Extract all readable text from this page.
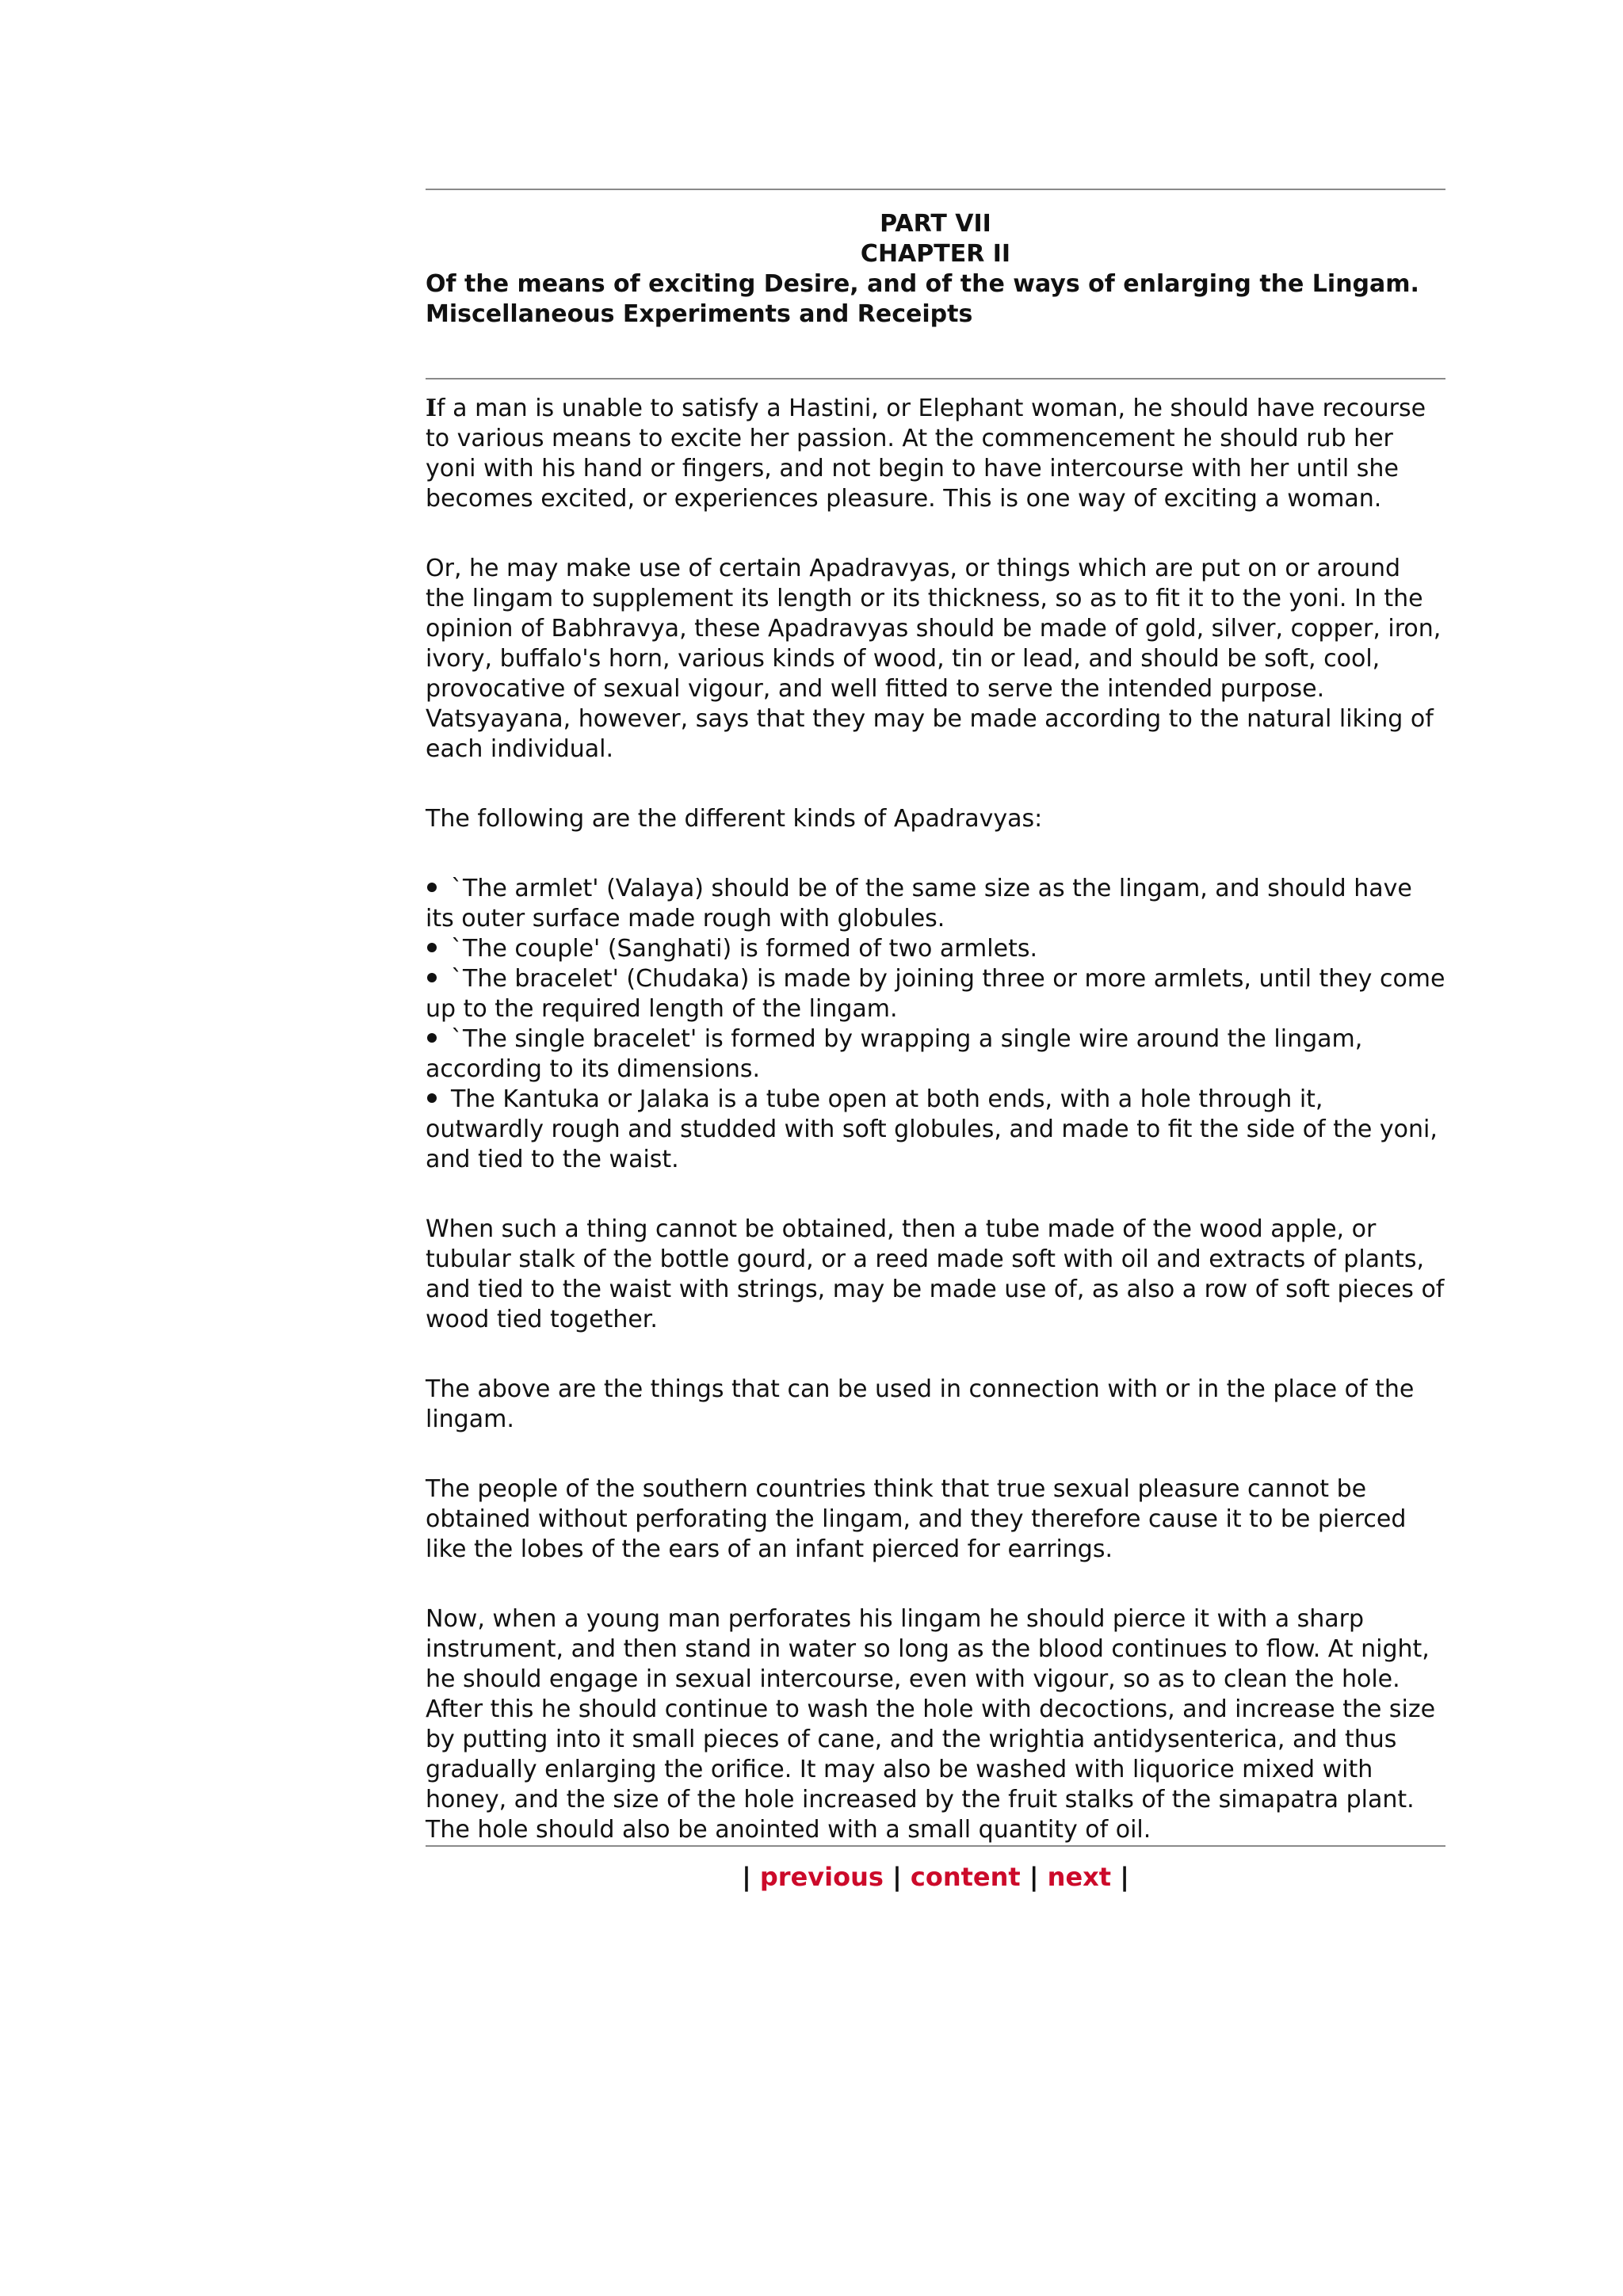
PART VII
CHAPTER II
Of the means of exciting Desire, and of the ways of enlarging the Lingam. Miscellaneous Experiments and Receipts

If a man is unable to satisfy a Hastini, or Elephant woman, he should have recourse to various means to excite her passion. At the commencement he should rub her yoni with his hand or fingers, and not begin to have intercourse with her until she becomes excited, or experiences pleasure. This is one way of exciting a woman.

Or, he may make use of certain Apadravyas, or things which are put on or around the lingam to supplement its length or its thickness, so as to fit it to the yoni. In the opinion of Babhravya, these Apadravyas should be made of gold, silver, copper, iron, ivory, buffalo's horn, various kinds of wood, tin or lead, and should be soft, cool, provocative of sexual vigour, and well fitted to serve the intended purpose. Vatsyayana, however, says that they may be made according to the natural liking of each individual.

The following are the different kinds of Apadravyas:

`The armlet' (Valaya) should be of the same size as the lingam, and should have its outer surface made rough with globules.
`The couple' (Sanghati) is formed of two armlets.
`The bracelet' (Chudaka) is made by joining three or more armlets, until they come up to the required length of the lingam.
`The single bracelet' is formed by wrapping a single wire around the lingam, according to its dimensions.
The Kantuka or Jalaka is a tube open at both ends, with a hole through it, outwardly rough and studded with soft globules, and made to fit the side of the yoni, and tied to the waist.

When such a thing cannot be obtained, then a tube made of the wood apple, or tubular stalk of the bottle gourd, or a reed made soft with oil and extracts of plants, and tied to the waist with strings, may be made use of, as also a row of soft pieces of wood tied together.

The above are the things that can be used in connection with or in the place of the lingam.

The people of the southern countries think that true sexual pleasure cannot be obtained without perforating the lingam, and they therefore cause it to be pierced like the lobes of the ears of an infant pierced for earrings.

Now, when a young man perforates his lingam he should pierce it with a sharp instrument, and then stand in water so long as the blood continues to flow. At night, he should engage in sexual intercourse, even with vigour, so as to clean the hole. After this he should continue to wash the hole with decoctions, and increase the size by putting into it small pieces of cane, and the wrightia antidysenterica, and thus gradually enlarging the orifice. It may also be washed with liquorice mixed with honey, and the size of the hole increased by the fruit stalks of the simapatra plant. The hole should also be anointed with a small quantity of oil.

| previous | content | next |
